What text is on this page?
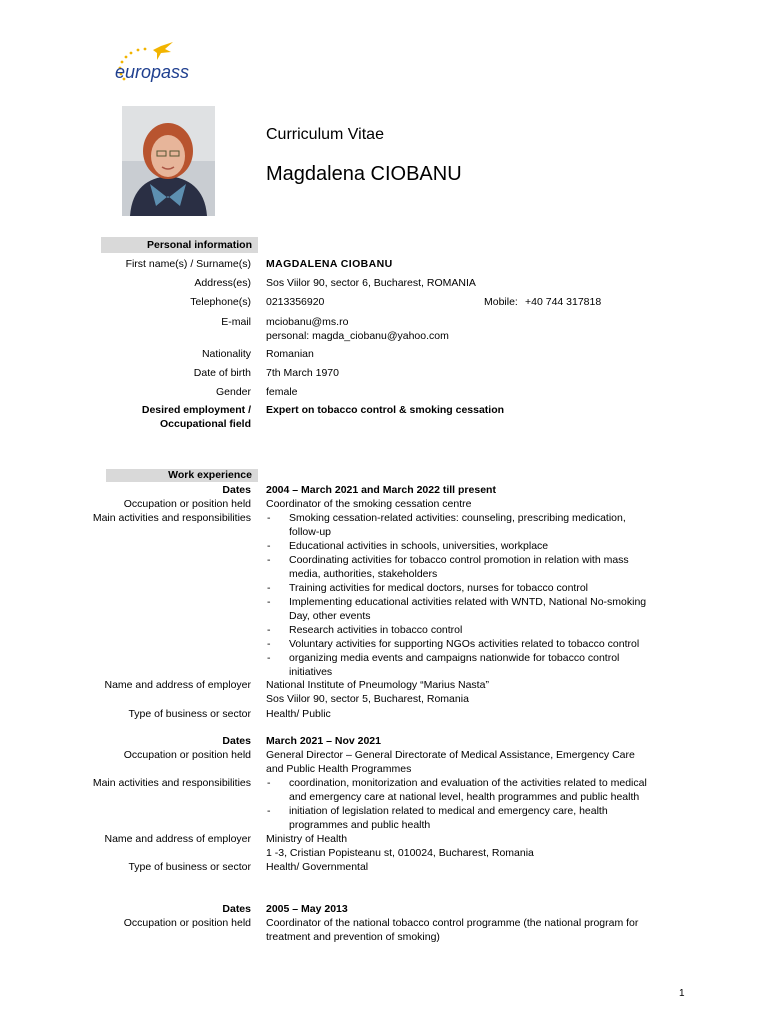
europass
Curriculum Vitae
Magdalena CIOBANU
Personal information
First name(s) / Surname(s) MAGDALENA CIOBANU
Address(es) Sos Viilor 90, sector 6, Bucharest, ROMANIA
Telephone(s) 0213356920	Mobile: +40 744 317818
E-mail mciobanu@ms.ro
personal: magda_ciobanu@yahoo.com
Nationality Romanian
Date of birth 7th March 1970
Gender female
Desired employment /
Occupational field
Expert on tobacco control & smoking cessation
Work experience
Dates 2004 – March 2021 and March 2022 till present
Occupation or position held Coordinator of the smoking cessation centre
Main activities and responsibilities	- Smoking cessation-related activities: counseling, prescribing medication,
follow-up
- Educational activities in schools, universities, workplace
- Coordinating activities for tobacco control promotion in relation with mass
media, authorities, stakeholders
- Training activities for medical doctors, nurses for tobacco control
- Implementing educational activities related with WNTD, National No-smoking
Day, other events
- Research activities in tobacco control
- Voluntary activities for supporting NGOs activities related to tobacco control
- organizing media events and campaigns nationwide for tobacco control
initiatives
Name and address of employer National Institute of Pneumology “Marius Nasta”
Sos Viilor 90, sector 5, Bucharest, Romania
Type of business or sector Health/ Public
Dates March 2021 – Nov 2021
Occupation or position held General Director – General Directorate of Medical Assistance, Emergency Care
and Public Health Programmes
Main activities and responsibilities	- coordination, monitorization and evaluation of the activities related to medical
and emergency care at national level, health programmes and public health
- initiation of legislation related to medical and emergency care, health
programmes and public health
Name and address of employer Ministry of Health
1 -3, Cristian Popisteanu st, 010024, Bucharest, Romania
Type of business or sector Health/ Governmental
Dates 2005 – May 2013
Occupation or position held Coordinator of the national tobacco control programme (the national program for
treatment and prevention of smoking)
1
